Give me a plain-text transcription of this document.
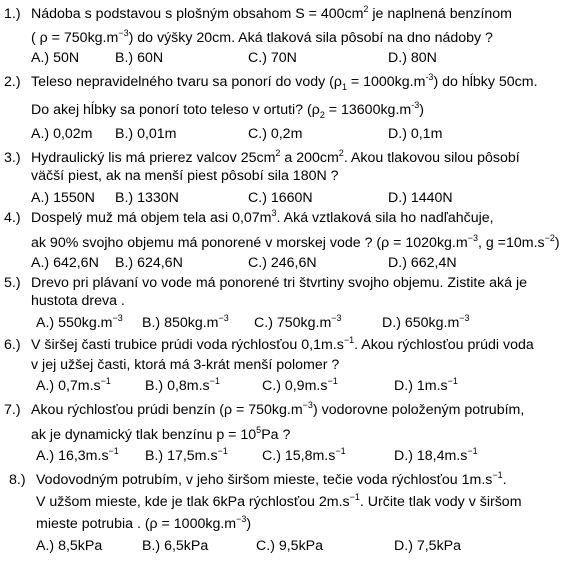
1.) Nádoba s podstavou s plošným obsahom $S = 400cm^2$ je naplnená benzínom
( $\rho = 750kg.m^{-3}$) do výšky 20cm. Aká tlaková sila pôsobí na dno nádoby ?
A.) 50N	B.) 60N	C.) 70N	D.) 80N
2.) Teleso nepravidelného tvaru sa ponorí do vody $(\rho_1 = 1000kg.m^{-3})$ do hĺbky 50cm.
Do akej hĺbky sa ponorí toto teleso v ortuti? $(\rho_2 = 13600kg.m^{-3})$
A.) 0,02m B.) 0,01m	C.) 0,2m	D.) 0,1m
3.) Hydraulický lis má prierez valcov $25cm^2$ a $200cm^2$. Akou tlakovou silou pôsobí
väčší piest, ak na menší piest pôsobí sila 180N ?
A.) 1550N B.) 1330N	C.) 1660N	D.) 1440N
4.) Dospelý muž má objem tela asi $0,07m^3$. Aká vztlaková sila ho nadľahčuje,
ak 90% svojho objemu má ponorené v morskej vode ? ($\rho = 1020kg.m^{-3}$, $g =10m.s^{-2}$)
A.) 642,6N B.) 624,6N	C.) 246,6N	D.) 662,4N
5.) Drevo pri plávaní vo vode má ponorené tri štvrtiny svojho objemu. Zistite aká je
hustota dreva .
A.) $550kg.m^{-3}$ B.) $850kg.m^{-3}$ C.) $750kg.m^{-3}$	D.) $650kg.m^{-3}$
6.) V širšej časti trubice prúdi voda rýchlosťou $0,1m.s^{-1}$. Akou rýchlosťou prúdi voda
v jej užšej časti, ktorá má 3-krát menší polomer ?
A.) $0,7m.s^{-1}$ B.) $0,8m.s^{-1}$	C.) $0,9m.s^{-1}$	D.) $1m.s^{-1}$
7.) Akou rýchlosťou prúdi benzín $(\rho = 750kg.m^{-3})$ vodorovne položeným potrubím,
ak je dynamický tlak benzínu $p = 10^5Pa$ ?
A.) $16,3m.s^{-1}$ B.) $17,5m.s^{-1}$ C.) $15,8m.s^{-1}$	D.) $18,4m.s^{-1}$
8.) Vodovodným potrubím, v jeho širšom mieste, tečie voda rýchlosťou $1m.s^{-1}$.
V užšom mieste, kde je tlak 6kPa rýchlosťou $2m.s^{-1}$. Určite tlak vody v širšom
mieste potrubia . $(\rho = 1000kg.m^{-3})$
A.) 8,5kPa	B.) 6,5kPa	C.) 9,5kPa	D.) 7,5kPa
